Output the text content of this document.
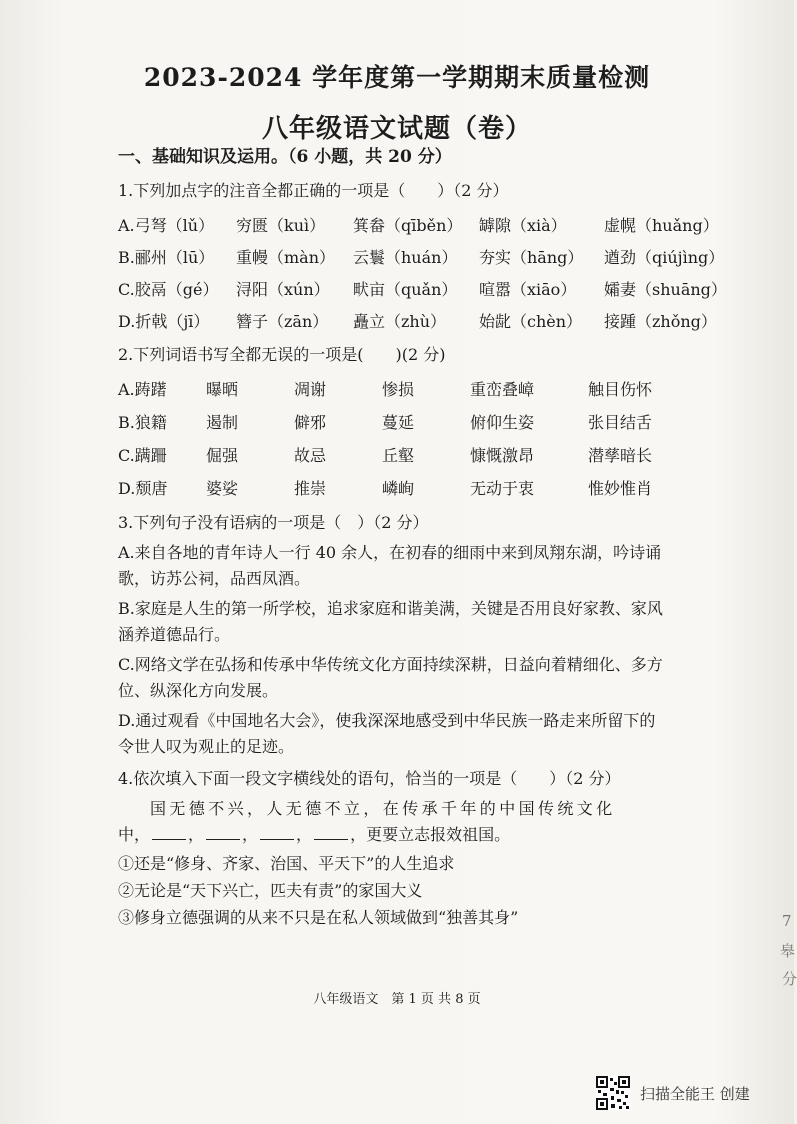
2023-2024 学年度第一学期期末质量检测
八年级语文试题（卷）
一、基础知识及运用。（6 小题，共 20 分）
1.下列加点字的注音全都正确的一项是（　　）（2 分）
A.弓弩（lǔ）	穷匮（kuì）	箕畚（qīběn）	罅隙（xià）	虚幌（huǎng）
B.郦州（lū）	重幔（màn）	云鬟（huán）	夯实（hāng）	遒劲（qiújìng）
C.胶鬲（gé）	浔阳（xún）	畎亩（quǎn）	喧嚣（xiāo）	孀妻（shuāng）
D.折戟（jī）	簪子（zān）	矗立（zhù）	始龀（chèn）	接踵（zhǒng）
2.下列词语书写全都无误的一项是(　　)(2 分)
A.踌躇	曝晒	凋谢	惨损	重峦叠嶂	触目伤怀
B.狼籍	遏制	僻邪	蔓延	俯仰生姿	张目结舌
C.蹒跚	倔强	故忌	丘壑	慷慨激昂	潜孳暗长
D.颓唐	婆娑	推崇	嶙峋	无动于衷	惟妙惟肖
3.下列句子没有语病的一项是（　）（2 分）
A.来自各地的青年诗人一行 40 余人，在初春的细雨中来到凤翔东湖，吟诗诵
歌，访苏公祠，品西凤酒。
B.家庭是人生的第一所学校，追求家庭和谐美满，关键是否用良好家教、家风
涵养道德品行。
C.网络文学在弘扬和传承中华传统文化方面持续深耕，日益向着精细化、多方
位、纵深化方向发展。
D.通过观看《中国地名大会》，使我深深地感受到中华民族一路走来所留下的
令世人叹为观止的足迹。
4.依次填入下面一段文字横线处的语句，恰当的一项是（　　）（2 分）
国无德不兴，人无德不立，在传承千年的中国传统文化
中， ， ， ， ，更要立志报效祖国。
①还是“修身、齐家、治国、平天下”的人生追求
②无论是“天下兴亡，匹夫有责”的家国大义
③修身立德强调的从来不只是在私人领域做到“独善其身”
八年级语文　第 1 页 共 8 页
7
皋
分
扫描全能王 创建
